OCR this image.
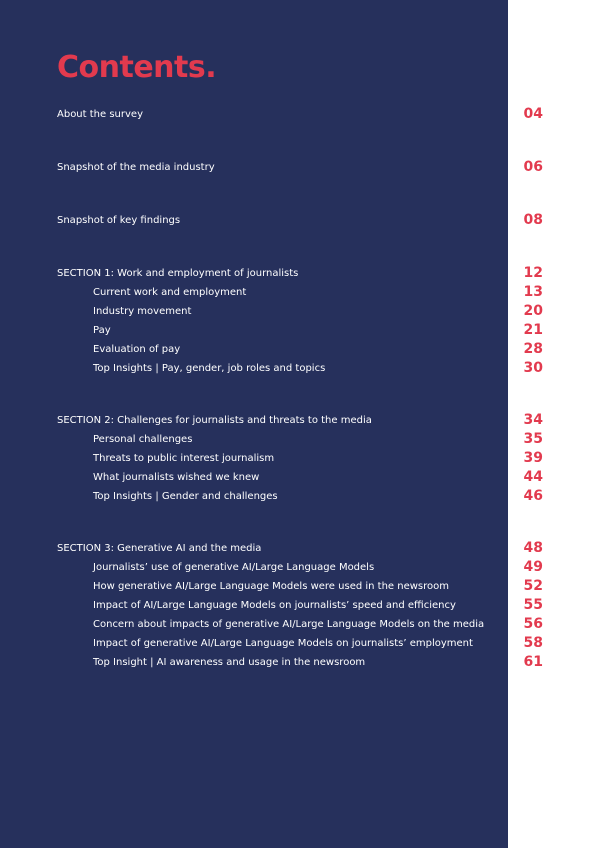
Contents.
About the survey	04
Snapshot of the media industry	06
Snapshot of key findings	08
SECTION 1: Work and employment of journalists	12
Current work and employment	13
Industry movement	20
Pay	21
Evaluation of pay	28
Top Insights | Pay, gender, job roles and topics	30
SECTION 2: Challenges for journalists and threats to the media	34
Personal challenges	35
Threats to public interest journalism	39
What journalists wished we knew	44
Top Insights | Gender and challenges	46
SECTION 3: Generative AI and the media	48
Journalists’ use of generative AI/Large Language Models	49
How generative AI/Large Language Models were used in the newsroom	52
Impact of AI/Large Language Models on journalists’ speed and efficiency	55
Concern about impacts of generative AI/Large Language Models on the media	56
Impact of generative AI/Large Language Models on journalists’ employment	58
Top Insight | AI awareness and usage in the newsroom	61
